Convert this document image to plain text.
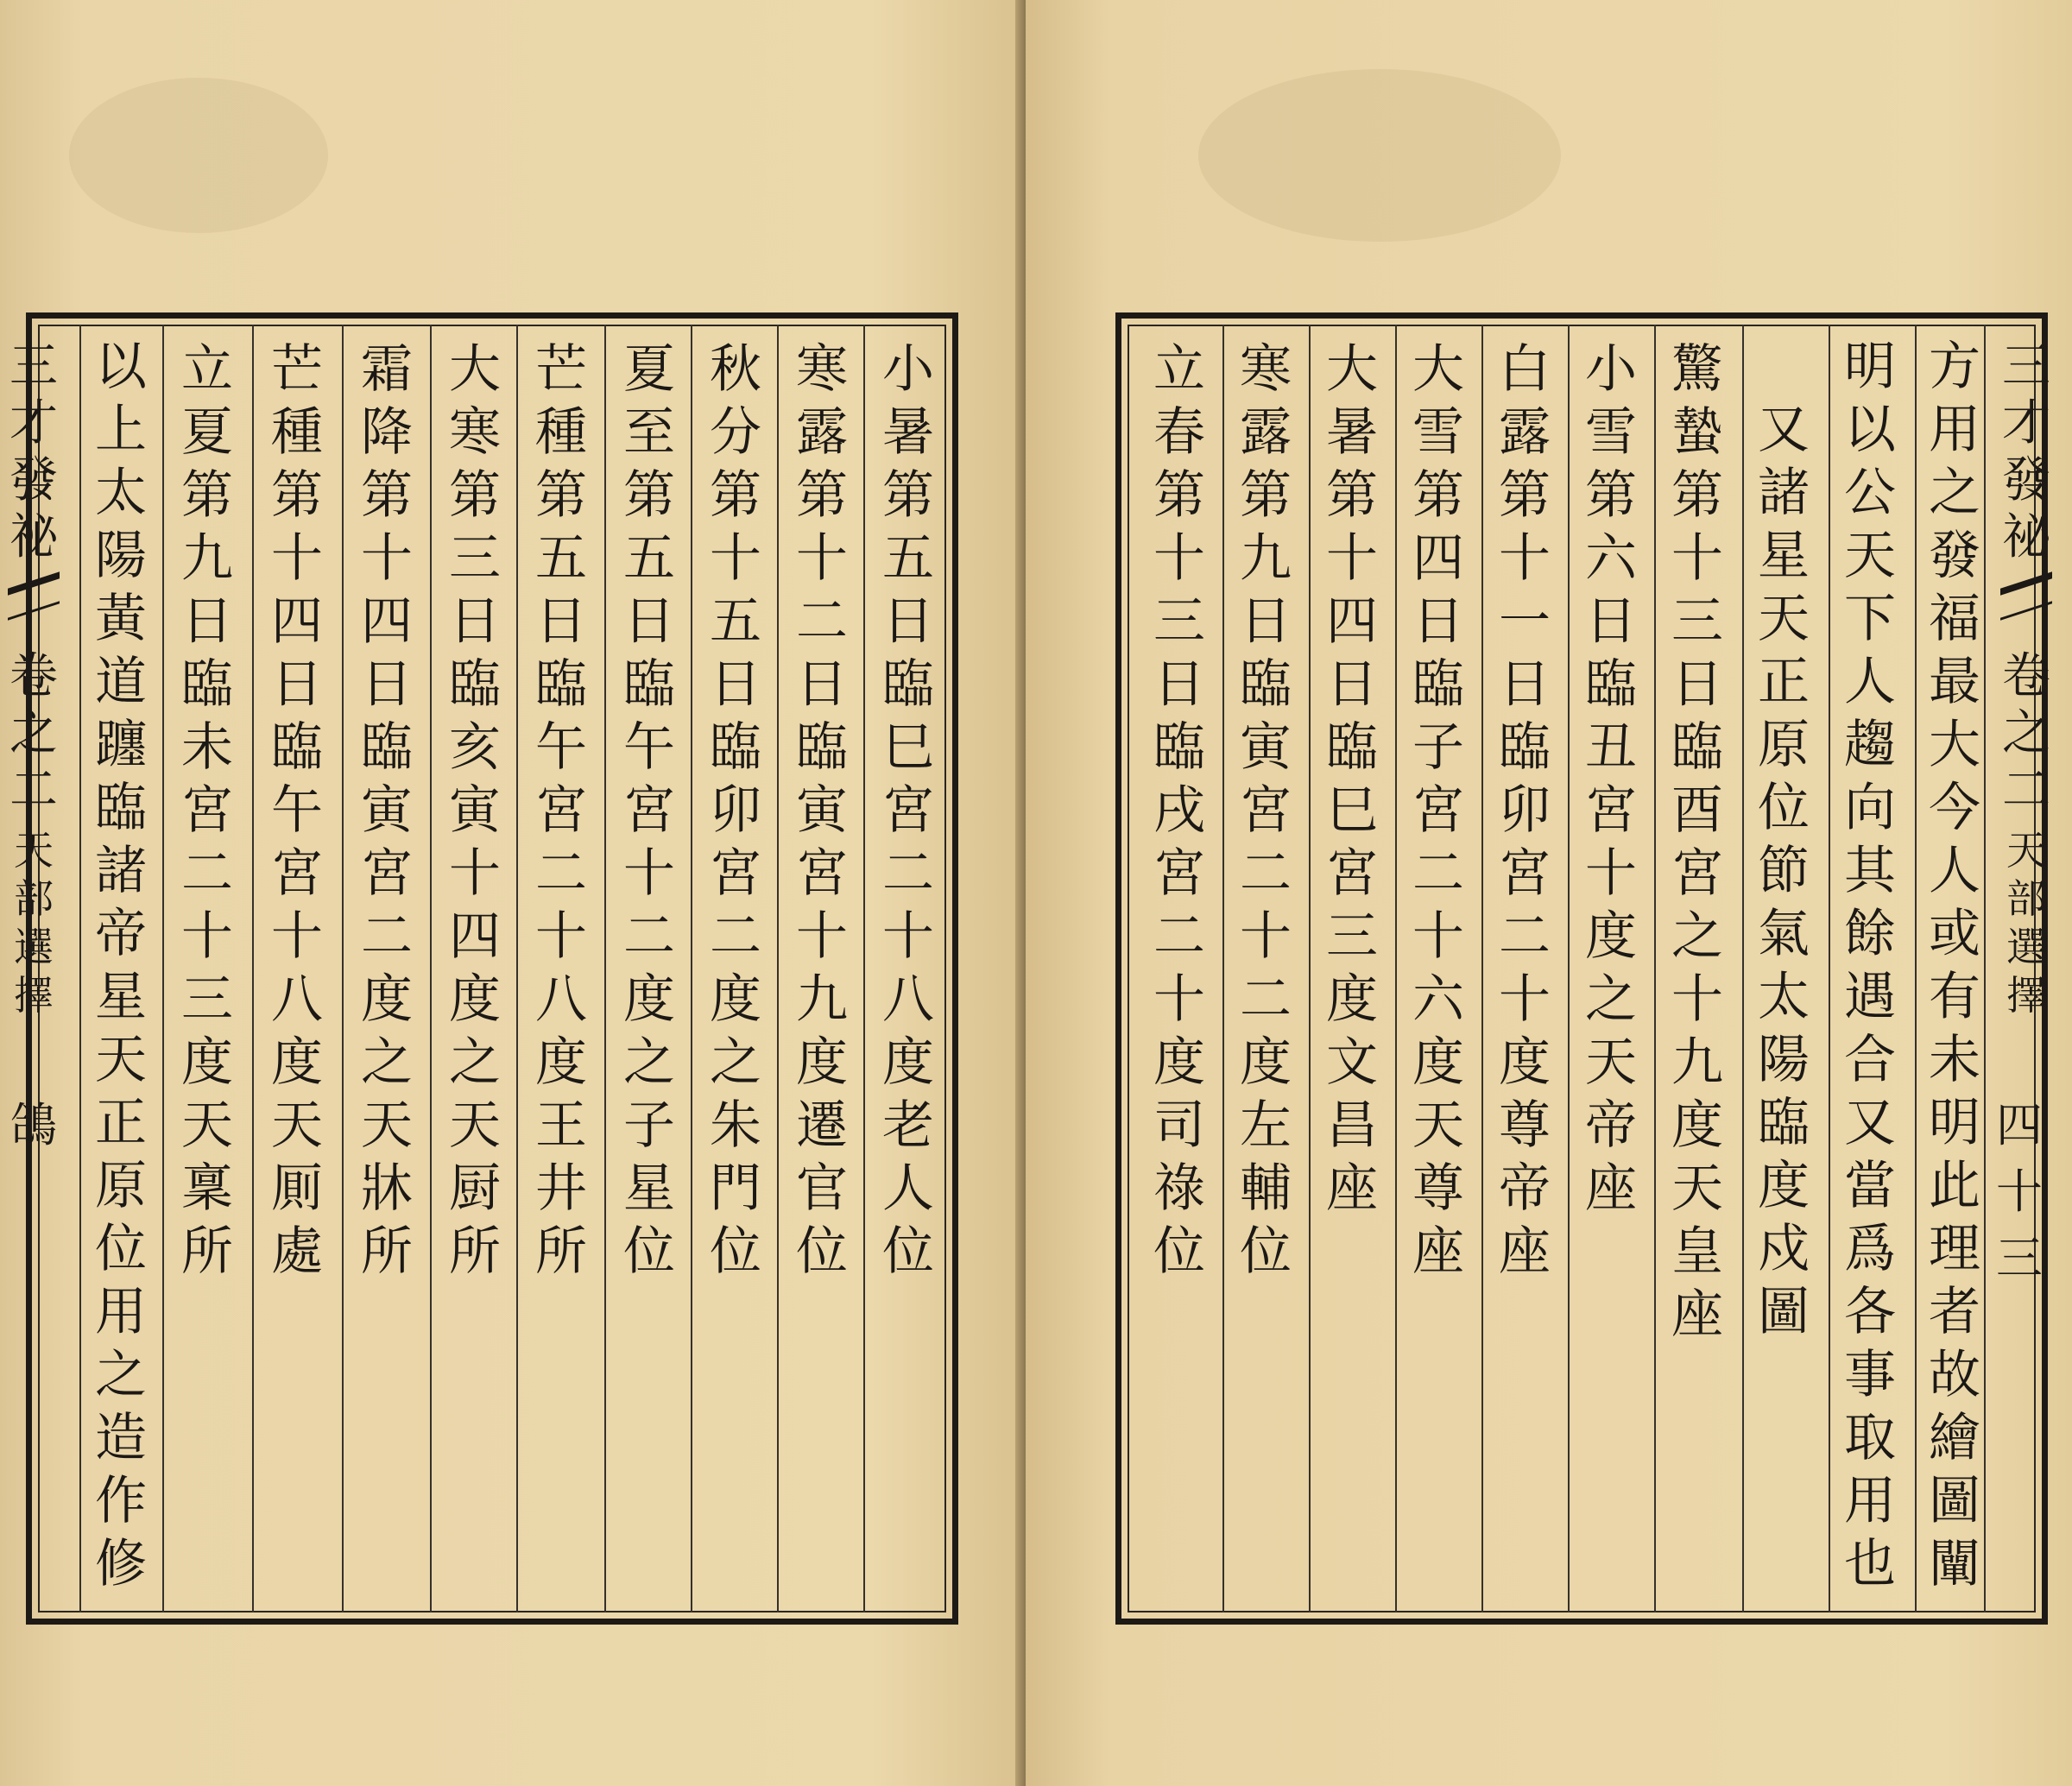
三
才
發
祕
卷
之
二
天
部
選
擇
鴿
小
暑
第
五
日
臨
巳
宮
二
十
八
度
老
人
位
寒
露
第
十
二
日
臨
寅
宮
十
九
度
遷
官
位
秋
分
第
十
五
日
臨
卯
宮
二
度
之
朱
門
位
夏
至
第
五
日
臨
午
宮
十
二
度
之
子
星
位
芒
種
第
五
日
臨
午
宮
二
十
八
度
王
井
所
大
寒
第
三
日
臨
亥
寅
十
四
度
之
天
厨
所
霜
降
第
十
四
日
臨
寅
宮
二
度
之
天
牀
所
芒
種
第
十
四
日
臨
午
宮
十
八
度
天
厠
處
立
夏
第
九
日
臨
未
宮
二
十
三
度
天
稟
所
以
上
太
陽
黃
道
躔
臨
諸
帝
星
天
正
原
位
用
之
造
作
修
三
才
發
祕
卷
之
二
天
部
選
擇
四十三
方
用
之
發
福
最
大
今
人
或
有
未
明
此
理
者
故
繪
圖
闡
明
以
公
天
下
人
趨
向
其
餘
遇
合
又
當
爲
各
事
取
用
也
又
諸
星
天
正
原
位
節
氣
太
陽
臨
度
戍
圖
驚
蟄
第
十
三
日
臨
酉
宮
之
十
九
度
天
皇
座
小
雪
第
六
日
臨
丑
宮
十
度
之
天
帝
座
白
露
第
十
一
日
臨
卯
宮
二
十
度
尊
帝
座
大
雪
第
四
日
臨
子
宮
二
十
六
度
天
尊
座
大
暑
第
十
四
日
臨
巳
宮
三
度
文
昌
座
寒
露
第
九
日
臨
寅
宮
二
十
二
度
左
輔
位
立
春
第
十
三
日
臨
戌
宮
二
十
度
司
祿
位
